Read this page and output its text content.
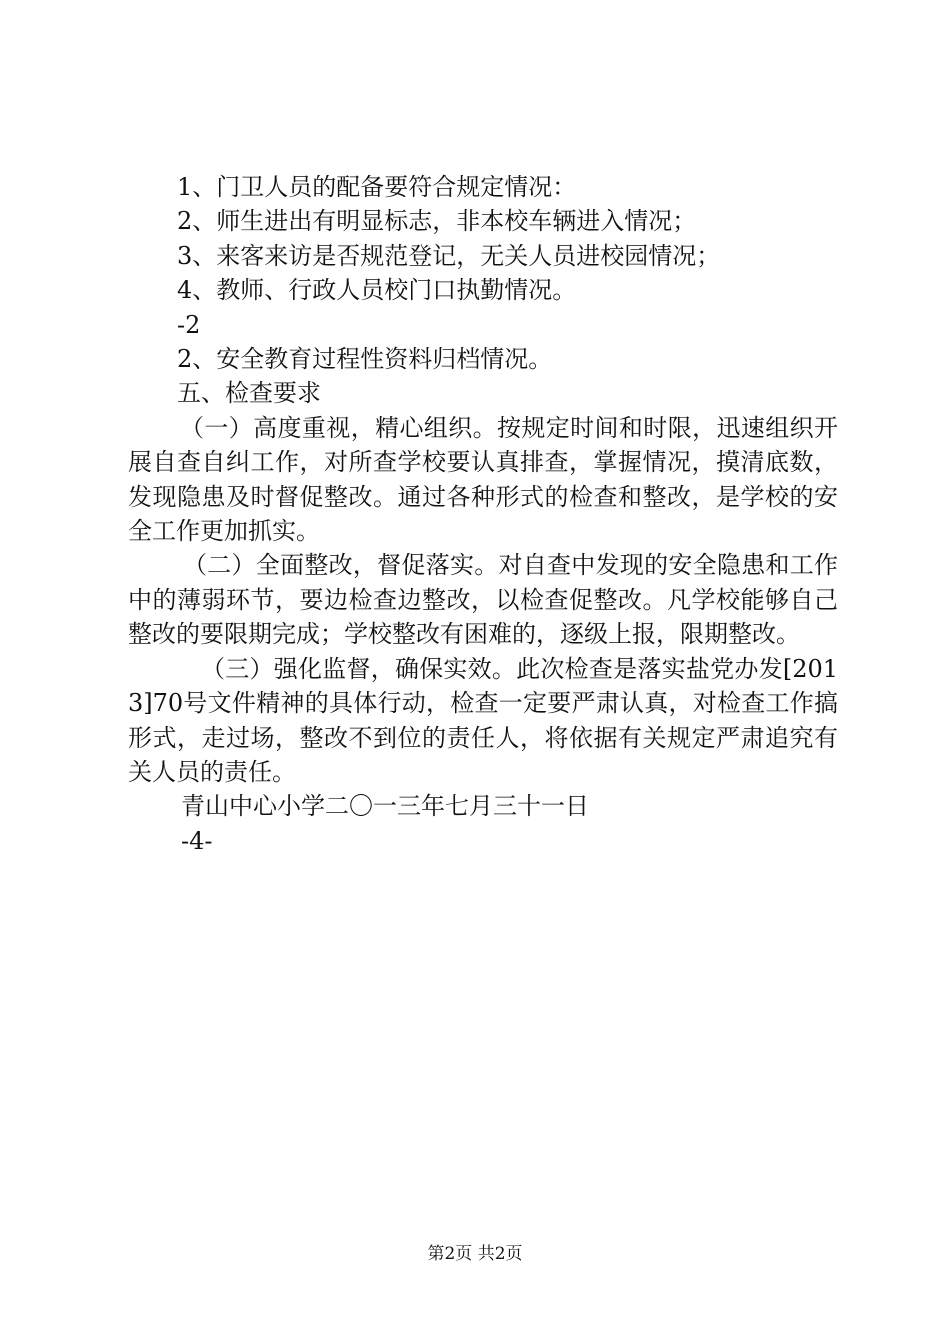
1、门卫人员的配备要符合规定情况：

2、师生进出有明显标志，非本校车辆进入情况；

3、来客来访是否规范登记，无关人员进校园情况；

4、教师、行政人员校门口执勤情况。

-2

2、安全教育过程性资料归档情况。

五、检查要求

（一）高度重视，精心组织。按规定时间和时限，迅速组织开展自查自纠工作，对所查学校要认真排查，掌握情况，摸清底数，发现隐患及时督促整改。通过各种形式的检查和整改，是学校的安全工作更加抓实。

（二）全面整改，督促落实。对自查中发现的安全隐患和工作中的薄弱环节，要边检查边整改，以检查促整改。凡学校能够自己整改的要限期完成；学校整改有困难的，逐级上报，限期整改。

（三）强化监督，确保实效。此次检查是落实盐党办发[2013]70号文件精神的具体行动，检查一定要严肃认真，对检查工作搞形式，走过场，整改不到位的责任人，将依据有关规定严肃追究有关人员的责任。

青山中心小学二〇一三年七月三十一日

-4-

第2页 共2页
